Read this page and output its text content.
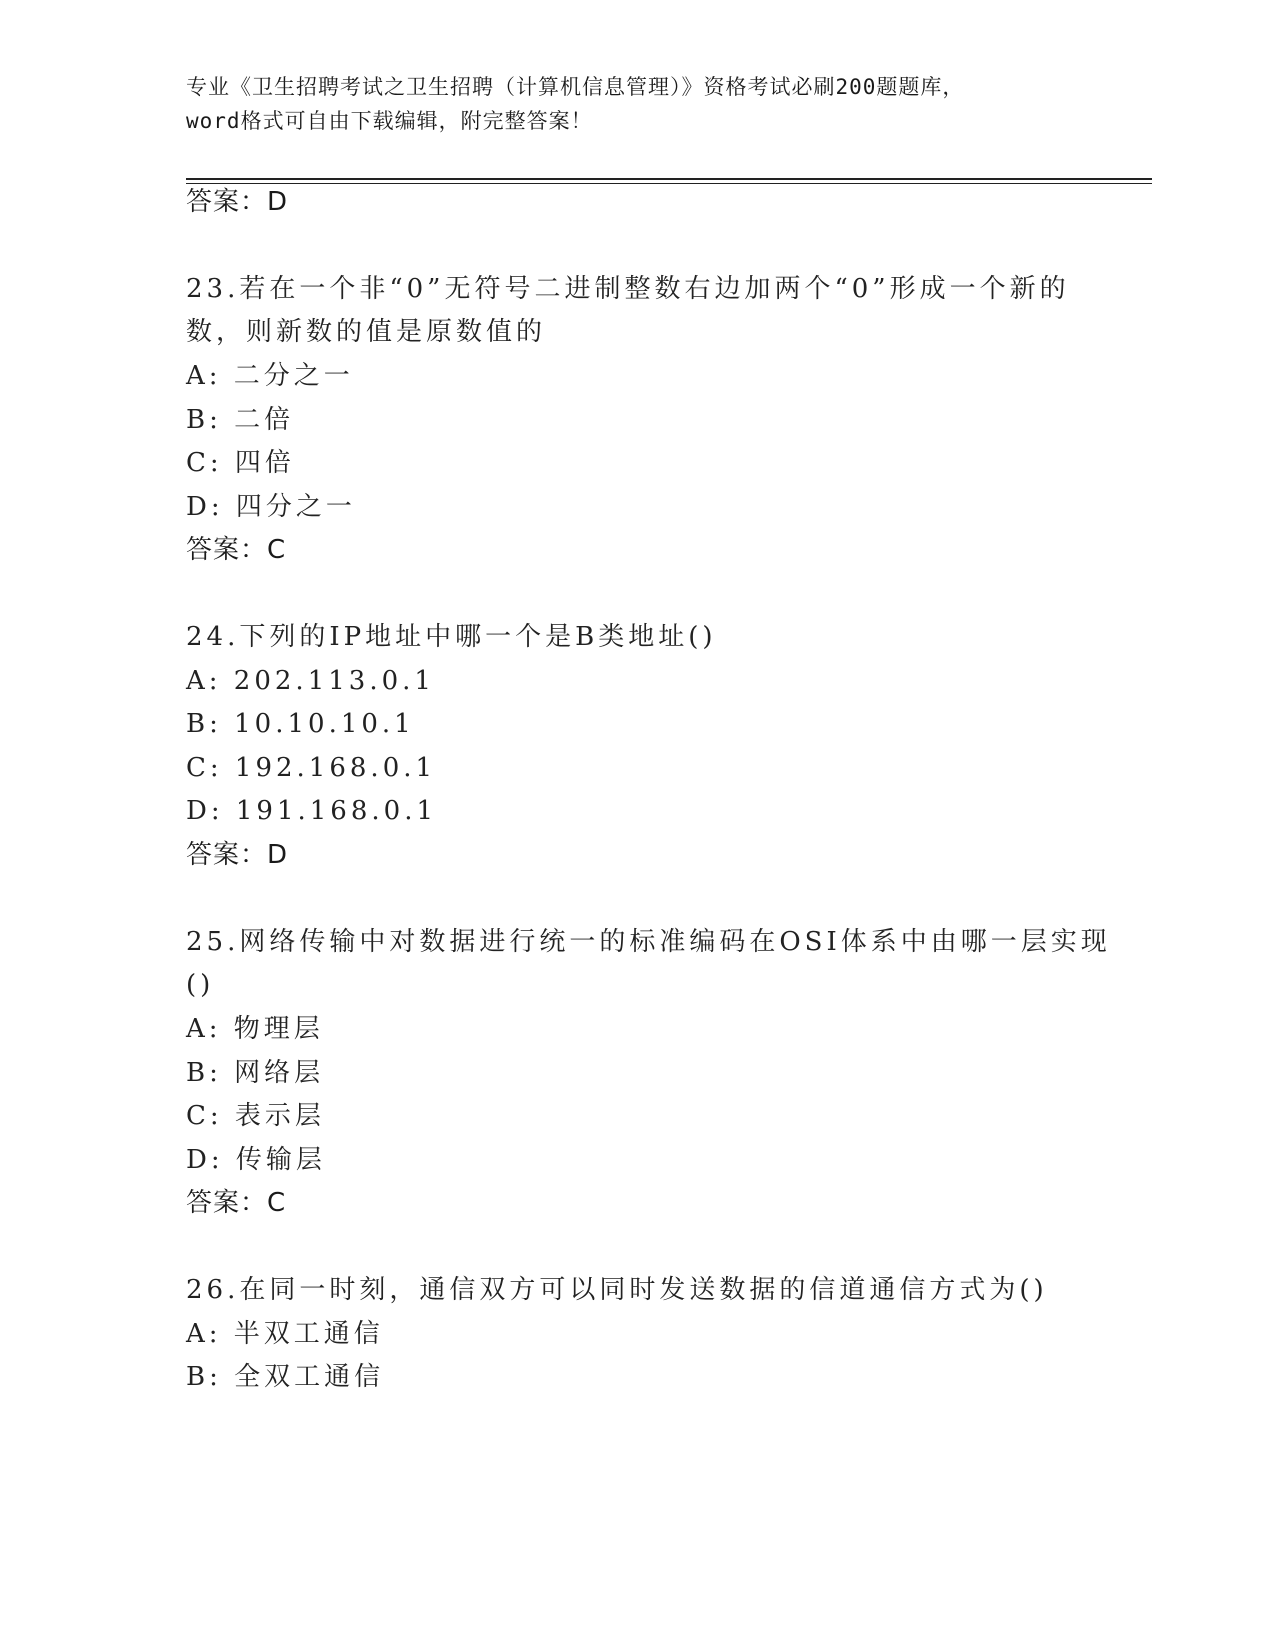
专业《卫生招聘考试之卫生招聘（计算机信息管理）》资格考试必刷200题题库，
word格式可自由下载编辑，附完整答案！
答案：D
23.若在一个非“0”无符号二进制整数右边加两个“0”形成一个新的
数，则新数的值是原数值的
A: 二分之一
B: 二倍
C: 四倍
D: 四分之一
答案：C
24.下列的IP地址中哪一个是B类地址()
A: 202.113.0.1
B: 10.10.10.1
C: 192.168.0.1
D: 191.168.0.1
答案：D
25.网络传输中对数据进行统一的标准编码在OSI体系中由哪一层实现
()
A: 物理层
B: 网络层
C: 表示层
D: 传输层
答案：C
26.在同一时刻，通信双方可以同时发送数据的信道通信方式为()
A: 半双工通信
B: 全双工通信
